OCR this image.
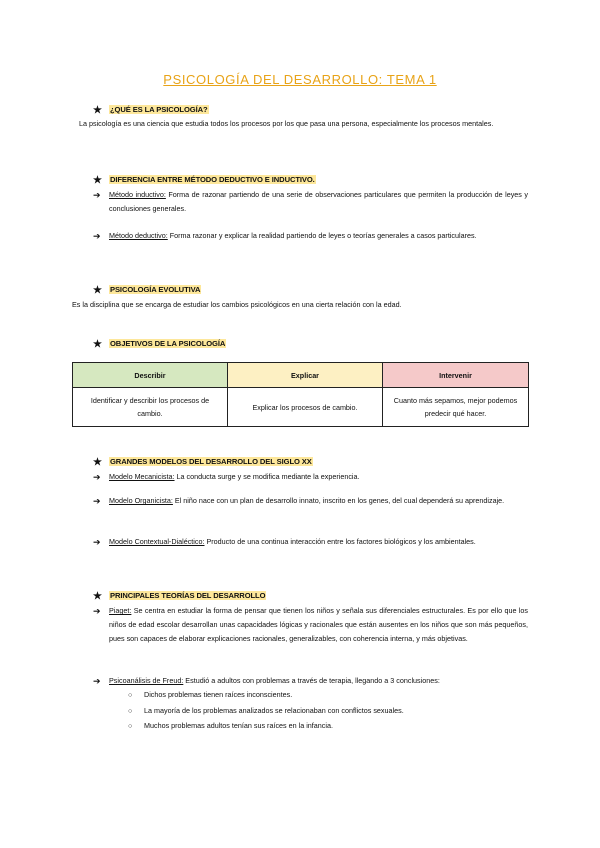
PSICOLOGÍA DEL DESARROLLO: TEMA 1
★ ¿QUÉ ES LA PSICOLOGÍA?
La psicología es una ciencia que estudia todos los procesos por los que pasa una persona, especialmente los procesos mentales.
★ DIFERENCIA ENTRE MÉTODO DEDUCTIVO E INDUCTIVO.
➔ Método inductivo: Forma de razonar partiendo de una serie de observaciones particulares que permiten la producción de leyes y conclusiones generales.
➔ Método deductivo: Forma razonar y explicar la realidad partiendo de leyes o teorías generales a casos particulares.
★ PSICOLOGÍA EVOLUTIVA
Es la disciplina que se encarga de estudiar los cambios psicológicos en una cierta relación con la edad.
★ OBJETIVOS DE LA PSICOLOGÍA
Describir	Explicar	Intervenir
Identificar y describir los procesos de cambio.	Explicar los procesos de cambio.	Cuanto más sepamos, mejor podemos predecir qué hacer.
★ GRANDES MODELOS DEL DESARROLLO DEL SIGLO XX
➔ Modelo Mecanicista: La conducta surge y se modifica mediante la experiencia.
➔ Modelo Organicista: El niño nace con un plan de desarrollo innato, inscrito en los genes, del cual dependerá su aprendizaje.
➔ Modelo Contextual-Dialéctico: Producto de una continua interacción entre los factores biológicos y los ambientales.
★ PRINCIPALES TEORÍAS DEL DESARROLLO
➔ Piaget: Se centra en estudiar la forma de pensar que tienen los niños y señala sus diferenciales estructurales. Es por ello que los niños de edad escolar desarrollan unas capacidades lógicas y racionales que están ausentes en los niños que son más pequeños, pues son capaces de elaborar explicaciones racionales, generalizables, con coherencia interna, y más objetivas.
➔ Psicoanálisis de Freud: Estudió a adultos con problemas a través de terapia, llegando a 3 conclusiones:
○ Dichos problemas tienen raíces inconscientes.
○ La mayoría de los problemas analizados se relacionaban con conflictos sexuales.
○ Muchos problemas adultos tenían sus raíces en la infancia.
